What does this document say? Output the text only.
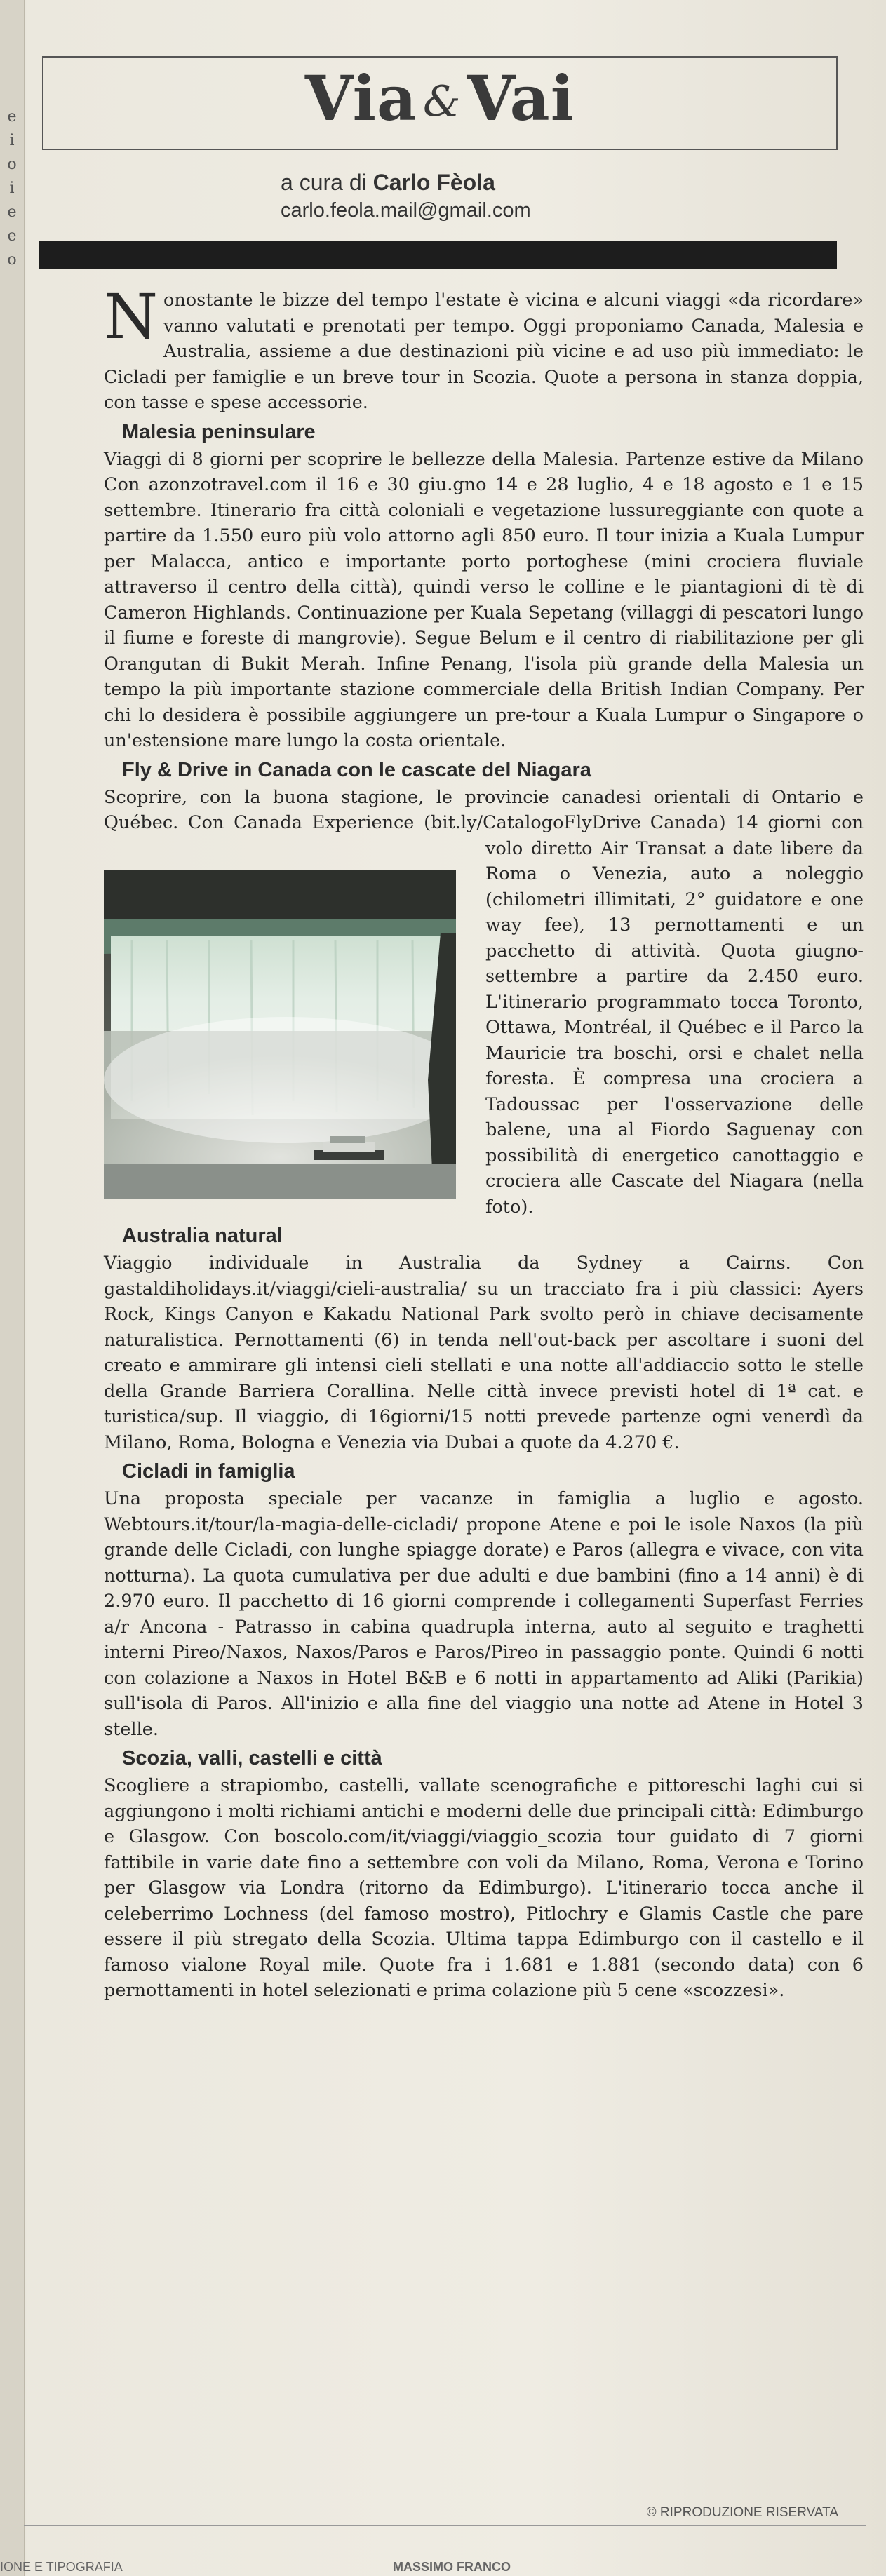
e
i
o
i
e
e
o
Via &Vai
a cura di Carlo Fèola
carlo.feola.mail@gmail.com

Nonostante le bizze del tempo l'estate è vicina e alcuni viaggi «da ricordare» vanno valutati e prenotati per tempo. Oggi proponiamo Canada, Malesia e Australia, assieme a due destinazioni più vicine e ad uso più immediato: le Cicladi per famiglie e un breve tour in Scozia. Quote a persona in stanza doppia, con tasse e spese accessorie.

Malesia peninsulare

Viaggi di 8 giorni per scoprire le bellezze della Malesia. Partenze estive da Milano Con azonzotravel.com il 16 e 30 giu.gno 14 e 28 luglio, 4 e 18 agosto e 1 e 15 settembre. Itinerario fra città coloniali e vegetazione lussureggiante con quote a partire da 1.550 euro più volo attorno agli 850 euro. Il tour inizia a Kuala Lumpur per Malacca, antico e importante porto portoghese (mini crociera fluviale attraverso il centro della città), quindi verso le colline e le piantagioni di tè di Cameron Highlands. Continuazione per Kuala Sepetang (villaggi di pescatori lungo il fiume e foreste di mangrovie). Segue Belum e il centro di riabilitazione per gli Orangutan di Bukit Merah. Infine Penang, l'isola più grande della Malesia un tempo la più importante stazione commerciale della British Indian Company. Per chi lo desidera è possibile aggiungere un pre-tour a Kuala Lumpur o Singapore o un'estensione mare lungo la costa orientale.

Fly & Drive in Canada con le cascate del Niagara

Scoprire, con la buona stagione, le provincie canadesi orientali di Ontario e Québec. Con Canada Experience (bit.ly/CatalogoFlyDrive_Canada) 14 giorni con volo diretto Air Transat a date libere da Roma o Venezia, auto a noleggio (chilometri illimitati, 2° guidatore e one way fee), 13 pernottamenti e un pacchetto di attività. Quota giugno-settembre a partire da 2.450 euro. L'itinerario programmato tocca Toronto, Ottawa, Montréal, il Québec e il Parco la Mauricie tra boschi, orsi e chalet nella foresta. È compresa una crociera a Tadoussac per l'osservazione delle balene, una al Fiordo Saguenay con possibilità di energetico canottaggio e crociera alle Cascate del Niagara (nella foto).

Australia natural

Viaggio individuale in Australia da Sydney a Cairns. Con gastaldiholidays.it/viaggi/cieli-australia/ su un tracciato fra i più classici: Ayers Rock, Kings Canyon e Kakadu National Park svolto però in chiave decisamente naturalistica. Pernottamenti (6) in tenda nell'out-back per ascoltare i suoni del creato e ammirare gli intensi cieli stellati e una notte all'addiaccio sotto le stelle della Grande Barriera Corallina. Nelle città invece previsti hotel di 1ª cat. e turistica/sup. Il viaggio, di 16giorni/15 notti prevede partenze ogni venerdì da Milano, Roma, Bologna e Venezia via Dubai a quote da 4.270 €.

Cicladi in famiglia

Una proposta speciale per vacanze in famiglia a luglio e agosto. Webtours.it/tour/la-magia-delle-cicladi/ propone Atene e poi le isole Naxos (la più grande delle Cicladi, con lunghe spiagge dorate) e Paros (allegra e vivace, con vita notturna). La quota cumulativa per due adulti e due bambini (fino a 14 anni) è di 2.970 euro. Il pacchetto di 16 giorni comprende i collegamenti Superfast Ferries a/r Ancona - Patrasso in cabina quadrupla interna, auto al seguito e traghetti interni Pireo/Naxos, Naxos/Paros e Paros/Pireo in passaggio ponte. Quindi 6 notti con colazione a Naxos in Hotel B&B e 6 notti in appartamento ad Aliki (Parikia) sull'isola di Paros. All'inizio e alla fine del viaggio una notte ad Atene in Hotel 3 stelle.

Scozia, valli, castelli e città

Scogliere a strapiombo, castelli, vallate scenografiche e pittoreschi laghi cui si aggiungono i molti richiami antichi e moderni delle due principali città: Edimburgo e Glasgow. Con boscolo.com/it/viaggi/viaggio_scozia tour guidato di 7 giorni fattibile in varie date fino a settembre con voli da Milano, Roma, Verona e Torino per Glasgow via Londra (ritorno da Edimburgo). L'itinerario tocca anche il celeberrimo Lochness (del famoso mostro), Pitlochry e Glamis Castle che pare essere il più stregato della Scozia. Ultima tappa Edimburgo con il castello e il famoso vialone Royal mile. Quote fra i 1.681 e 1.881 (secondo data) con 6 pernottamenti in hotel selezionati e prima colazione più 5 cene «scozzesi».

© RIPRODUZIONE RISERVATA
IONE E TIPOGRAFIA	MASSIMO FRANCO
